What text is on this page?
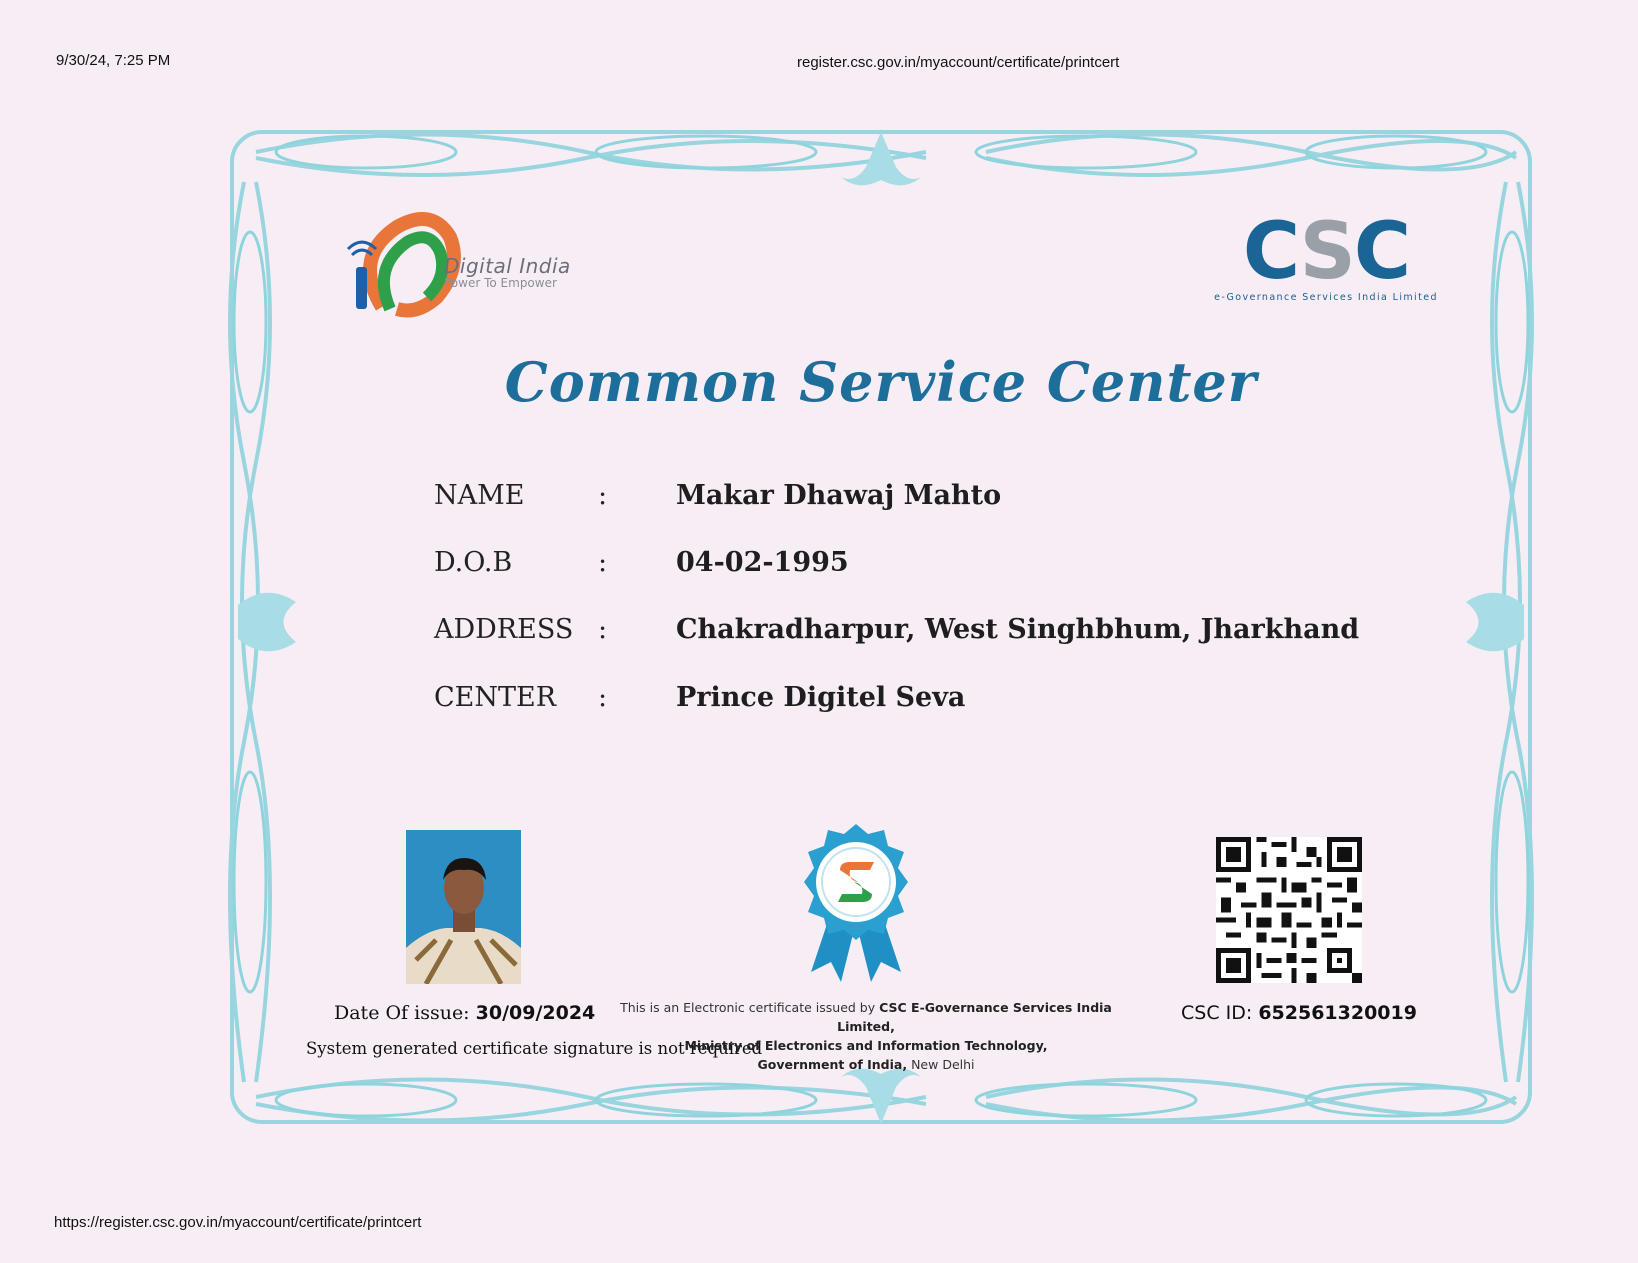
9/30/24, 7:25 PM	register.csc.gov.in/myaccount/certificate/printcert
Digital India
Power To Empower	CSC
e-Governance Services India Limited
Common Service Center
NAME	:	Makar Dhawaj Mahto
D.O.B	:	04-02-1995
ADDRESS :	Chakradharpur, West Singhbhum, Jharkhand
CENTER :	Prince Digitel Seva
Date Of issue: 30/09/2024
System generated certificate signature is not required
This is an Electronic certificate issued by CSC E-Governance Services India Limited,
Ministry of Electronics and Information Technology,
Government of India, New Delhi
CSC ID: 652561320019
https://register.csc.gov.in/myaccount/certificate/printcert
